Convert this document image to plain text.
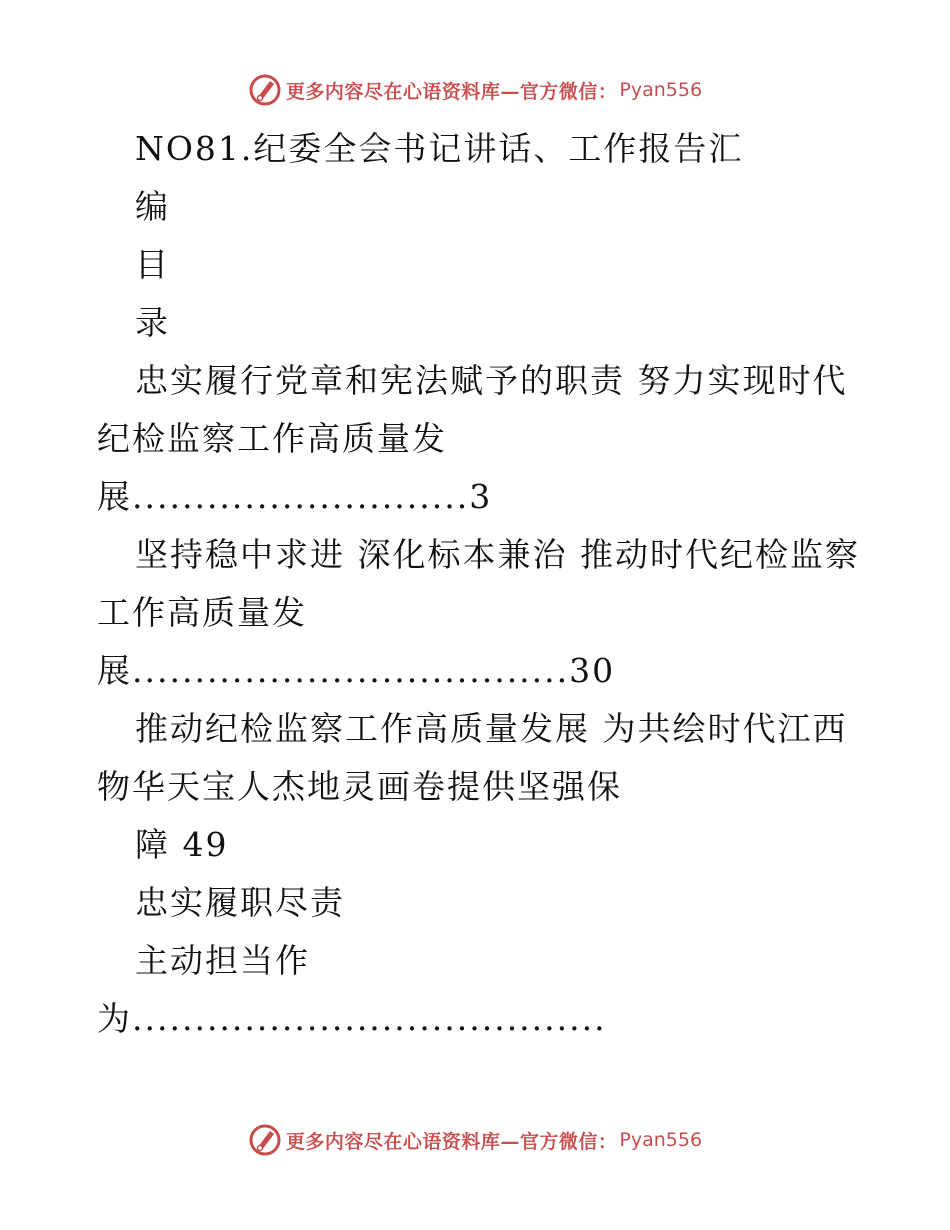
更多内容尽在心语资料库—官方微信： Pyan556
NO81.纪委全会书记讲话、工作报告汇
编
目
录
忠实履行党章和宪法赋予的职责 努力实现时代
纪检监察工作高质量发
展...........................3
坚持稳中求进 深化标本兼治 推动时代纪检监察
工作高质量发
展...................................30
推动纪检监察工作高质量发展 为共绘时代江西
物华天宝人杰地灵画卷提供坚强保
障 49
忠实履职尽责
主动担当作
为......................................
更多内容尽在心语资料库—官方微信： Pyan556
